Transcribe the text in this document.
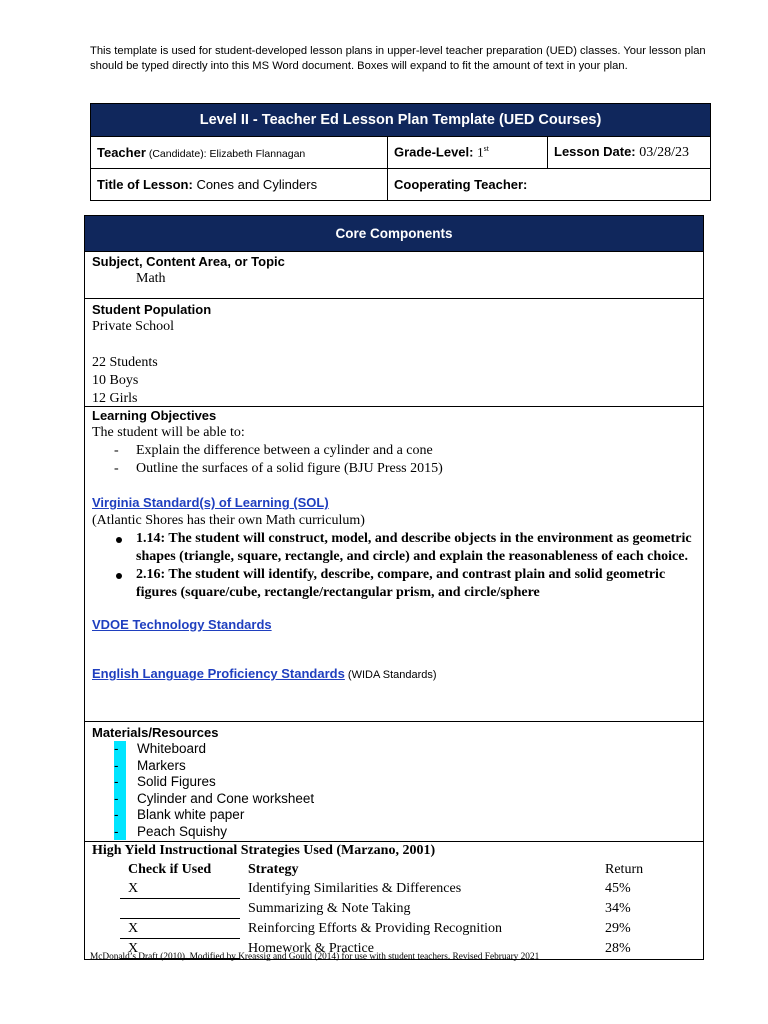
This template is used for student-developed lesson plans in upper-level teacher preparation (UED) classes. Your lesson plan should be typed directly into this MS Word document. Boxes will expand to fit the amount of text in your plan.
Level II - Teacher Ed Lesson Plan Template (UED Courses)		
Teacher (Candidate): Elizabeth Flannagan	Grade-Level: 1st	Lesson Date: 03/28/23
Title of Lesson: Cones and Cylinders	Cooperating Teacher:	
Core Components

Subject, Content Area, or Topic
Math

Student Population
Private School
22 Students
10 Boys
12 Girls

Learning Objectives
The student will be able to:
- Explain the difference between a cylinder and a cone
- Outline the surfaces of a solid figure (BJU Press 2015)
Virginia Standard(s) of Learning (SOL)
(Atlantic Shores has their own Math curriculum)
1.14: The student will construct, model, and describe objects in the environment as geometric shapes (triangle, square, rectangle, and circle) and explain the reasonableness of each choice.
2.16: The student will identify, describe, compare, and contrast plain and solid geometric figures (square/cube, rectangle/rectangular prism, and circle/sphere
VDOE Technology Standards
English Language Proficiency Standards (WIDA Standards)

Materials/Resources
-	Whiteboard
-	Markers
-	Solid Figures
-	Cylinder and Cone worksheet
-	Blank white paper
-	Peach Squishy

High Yield Instructional Strategies Used (Marzano, 2001)
Check if Used	Strategy	Return
X	Identifying Similarities & Differences	45%
	Summarizing & Note Taking	34%
X	Reinforcing Efforts & Providing Recognition	29%
X	Homework & Practice	28%
McDonald’s Draft (2010). Modified by Kreassig and Gould (2014) for use with student teachers. Revised February 2021
